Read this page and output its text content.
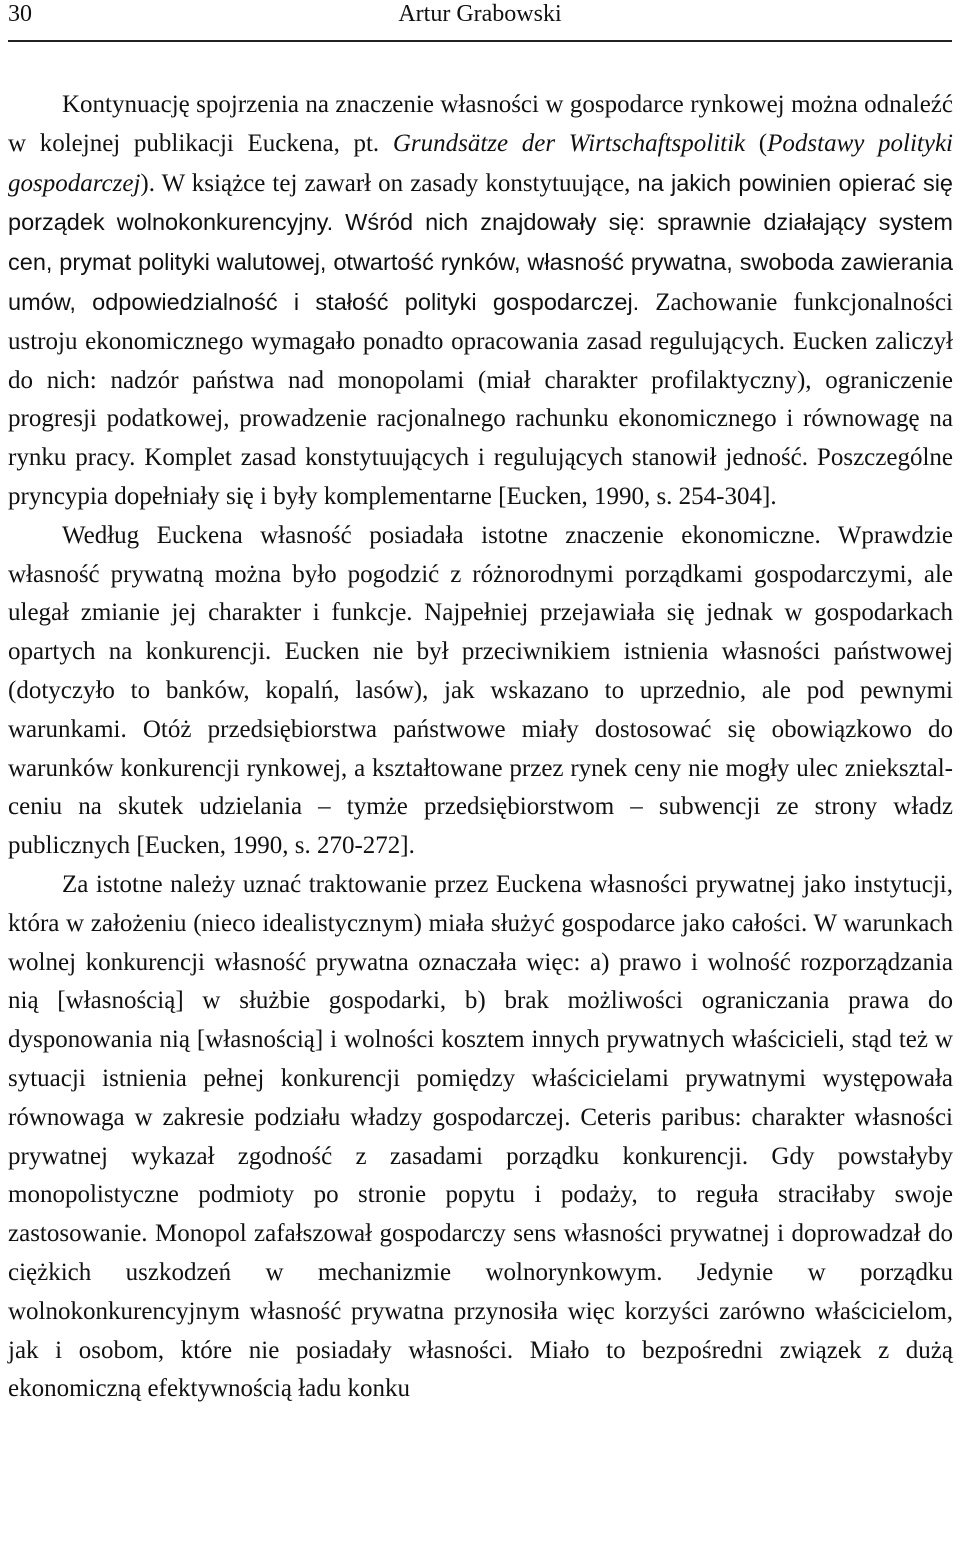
30	Artur Grabowski

Kontynuację spojrzenia na znaczenie własności w gospodarce rynkowej można odnaleźć w kolejnej publikacji Euckena, pt. Grundsätze der Wirtschaftspolitik (Podstawy polityki gospodarczej). W książce tej zawarł on zasady konstytuujące, na jakich powinien opierać się porządek wolnokonkurencyjny. Wśród nich znajdowały się: sprawnie działający system cen, prymat polityki walutowej, otwartość rynków, własność prywatna, swoboda zawierania umów, odpowiedzialność i stałość polityki gospodarczej. Zachowanie funkcjonalności ustroju ekonomicznego wymagało ponadto opracowania zasad regulujących. Eucken zaliczył do nich: nadzór państwa nad monopolami (miał charakter profilaktyczny), ograniczenie progresji podatkowej, prowadzenie racjonalnego rachunku ekonomicznego i równowagę na rynku pracy. Komplet zasad konstytuujących i regulujących stanowił jedność. Poszczególne pryncypia dopełniały się i były komplementarne [Eucken, 1990, s. 254-304].

Według Euckena własność posiadała istotne znaczenie ekonomiczne. Wprawdzie własność prywatną można było pogodzić z różnorodnymi porządkami gospodarczymi, ale ulegał zmianie jej charakter i funkcje. Najpełniej przejawiała się jednak w gospodarkach opartych na konkurencji. Eucken nie był przeciwnikiem istnienia własności państwowej (dotyczyło to banków, kopalń, lasów), jak wskazano to uprzednio, ale pod pewnymi warunkami. Otóż przedsiębiorstwa państwowe miały dostosować się obowiązkowo do warunków konkurencji rynkowej, a kształtowane przez rynek ceny nie mogły ulec znieksztalceniu na skutek udzielania – tymże przedsiębiorstwom – subwencji ze strony władz publicznych [Eucken, 1990, s. 270-272].

Za istotne należy uznać traktowanie przez Euckena własności prywatnej jako instytucji, która w założeniu (nieco idealistycznym) miała służyć gospodarce jako całości. W warunkach wolnej konkurencji własność prywatna oznaczała więc: a) prawo i wolność rozporządzania nią [własnością] w służbie gospodarki, b) brak możliwości ograniczania prawa do dysponowania nią [własnością] i wolności kosztem innych prywatnych właścicieli, stąd też w sytuacji istnienia pełnej konkurencji pomiędzy właścicielami prywatnymi występowała równowaga w zakresie podziału władzy gospodarczej. Ceteris paribus: charakter własności prywatnej wykazał zgodność z zasadami porządku konkurencji. Gdy powstałyby monopolistyczne podmioty po stronie popytu i podaży, to reguła straciłaby swoje zastosowanie. Monopol zafałszował gospodarczy sens własności prywatnej i doprowadzał do ciężkich uszkodzeń w mechanizmie wolnorynkowym. Jedynie w porządku wolnokonkurencyjnym własność prywatna przynosiła więc korzyści zarówno właścicielom, jak i osobom, które nie posiadały własności. Miało to bezpośredni związek z dużą ekonomiczną efektywnością ładu konku
